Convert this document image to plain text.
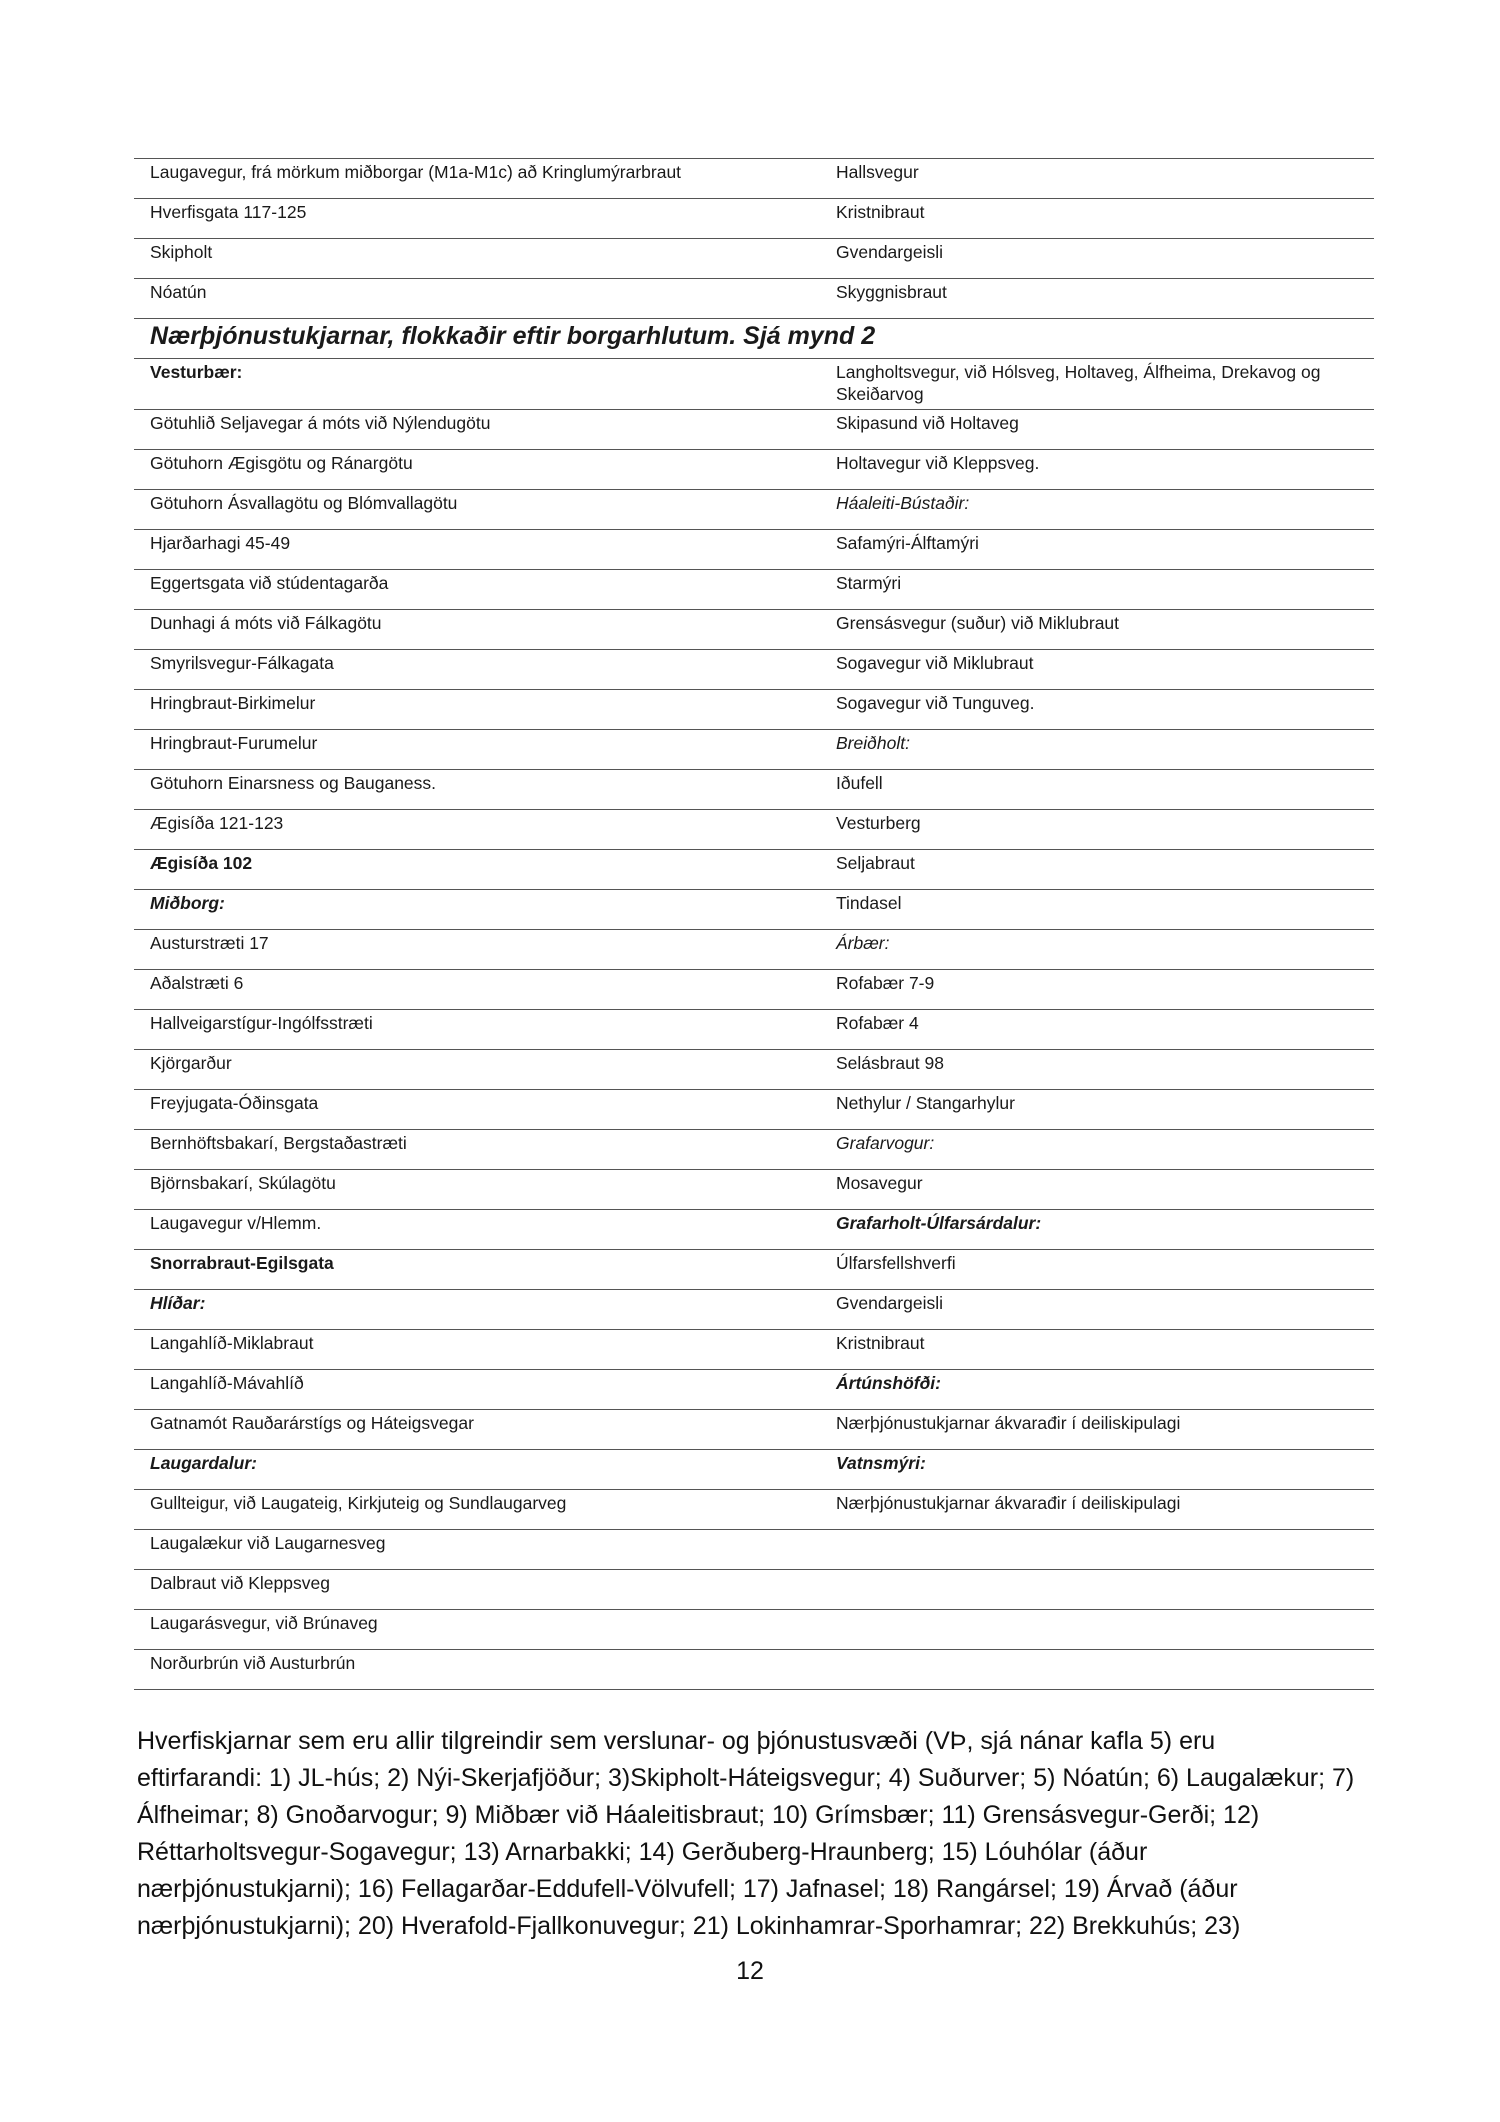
Laugavegur, frá mörkum miðborgar (M1a-M1c) að Kringlumýrarbraut	Hallsvegur
Hverfisgata 117-125	Kristnibraut
Skipholt	Gvendargeisli
Nóatún	Skyggnisbraut
Nærþjónustukjarnar, flokkaðir eftir borgarhlutum. Sjá mynd 2	
Vesturbær:	Langholtsvegur, við Hólsveg, Holtaveg, Álfheima, Drekavog og Skeiðarvog
Götuhlið Seljavegar á móts við Nýlendugötu	Skipasund við Holtaveg
Götuhorn Ægisgötu og Ránargötu	Holtavegur við Kleppsveg.
Götuhorn Ásvallagötu og Blómvallagötu	Háaleiti-Bústaðir:
Hjarðarhagi 45-49	Safamýri-Álftamýri
Eggertsgata við stúdentagarða	Starmýri
Dunhagi á móts við Fálkagötu	Grensásvegur (suður) við Miklubraut
Smyrilsvegur-Fálkagata	Sogavegur við Miklubraut
Hringbraut-Birkimelur	Sogavegur við Tunguveg.
Hringbraut-Furumelur	Breiðholt:
Götuhorn Einarsness og Bauganess.	Iðufell
Ægisíða 121-123	Vesturberg
Ægisíða 102	Seljabraut
Miðborg:	Tindasel
Austurstræti 17	Árbær:
Aðalstræti 6	Rofabær 7-9
Hallveigarstígur-Ingólfsstræti	Rofabær 4
Kjörgarður	Selásbraut 98
Freyjugata-Óðinsgata	Nethylur / Stangarhylur
Bernhöftsbakarí, Bergstaðastræti	Grafarvogur:
Björnsbakarí, Skúlagötu	Mosavegur
Laugavegur v/Hlemm.	Grafarholt-Úlfarsárdalur:
Snorrabraut-Egilsgata	Úlfarsfellshverfi
Hlíðar:	Gvendargeisli
Langahlíð-Miklabraut	Kristnibraut
Langahlíð-Mávahlíð	Ártúnshöfði:
Gatnamót Rauðarárstígs og Háteigsvegar	Nærþjónustukjarnar ákvarađir í deiliskipulagi
Laugardalur:	Vatnsmýri:
Gullteigur, við Laugateig, Kirkjuteig og Sundlaugarveg	Nærþjónustukjarnar ákvarađir í deiliskipulagi
Laugalækur við Laugarnesveg	
Dalbraut við Kleppsveg	
Laugarásvegur, við Brúnaveg	
Norðurbrún við Austurbrún	

Hverfiskjarnar sem eru allir tilgreindir sem verslunar- og þjónustusvæði (VÞ, sjá nánar kafla 5) eru

eftirfarandi: 1) JL-hús; 2) Nýi-Skerjafjöður; 3)Skipholt-Háteigsvegur; 4) Suðurver; 5) Nóatún; 6) Laugalækur; 7)

Álfheimar; 8) Gnoðarvogur; 9) Miðbær við Háaleitisbraut; 10) Grímsbær; 11) Grensásvegur-Gerði; 12)

Réttarholtsvegur-Sogavegur; 13) Arnarbakki; 14) Gerðuberg-Hraunberg; 15) Lóuhólar (áður

nærþjónustukjarni); 16) Fellagarðar-Eddufell-Völvufell; 17) Jafnasel; 18) Rangársel; 19) Árvað (áður

nærþjónustukjarni); 20) Hverafold-Fjallkonuvegur; 21) Lokinhamrar-Sporhamrar; 22) Brekkuhús; 23)

12
